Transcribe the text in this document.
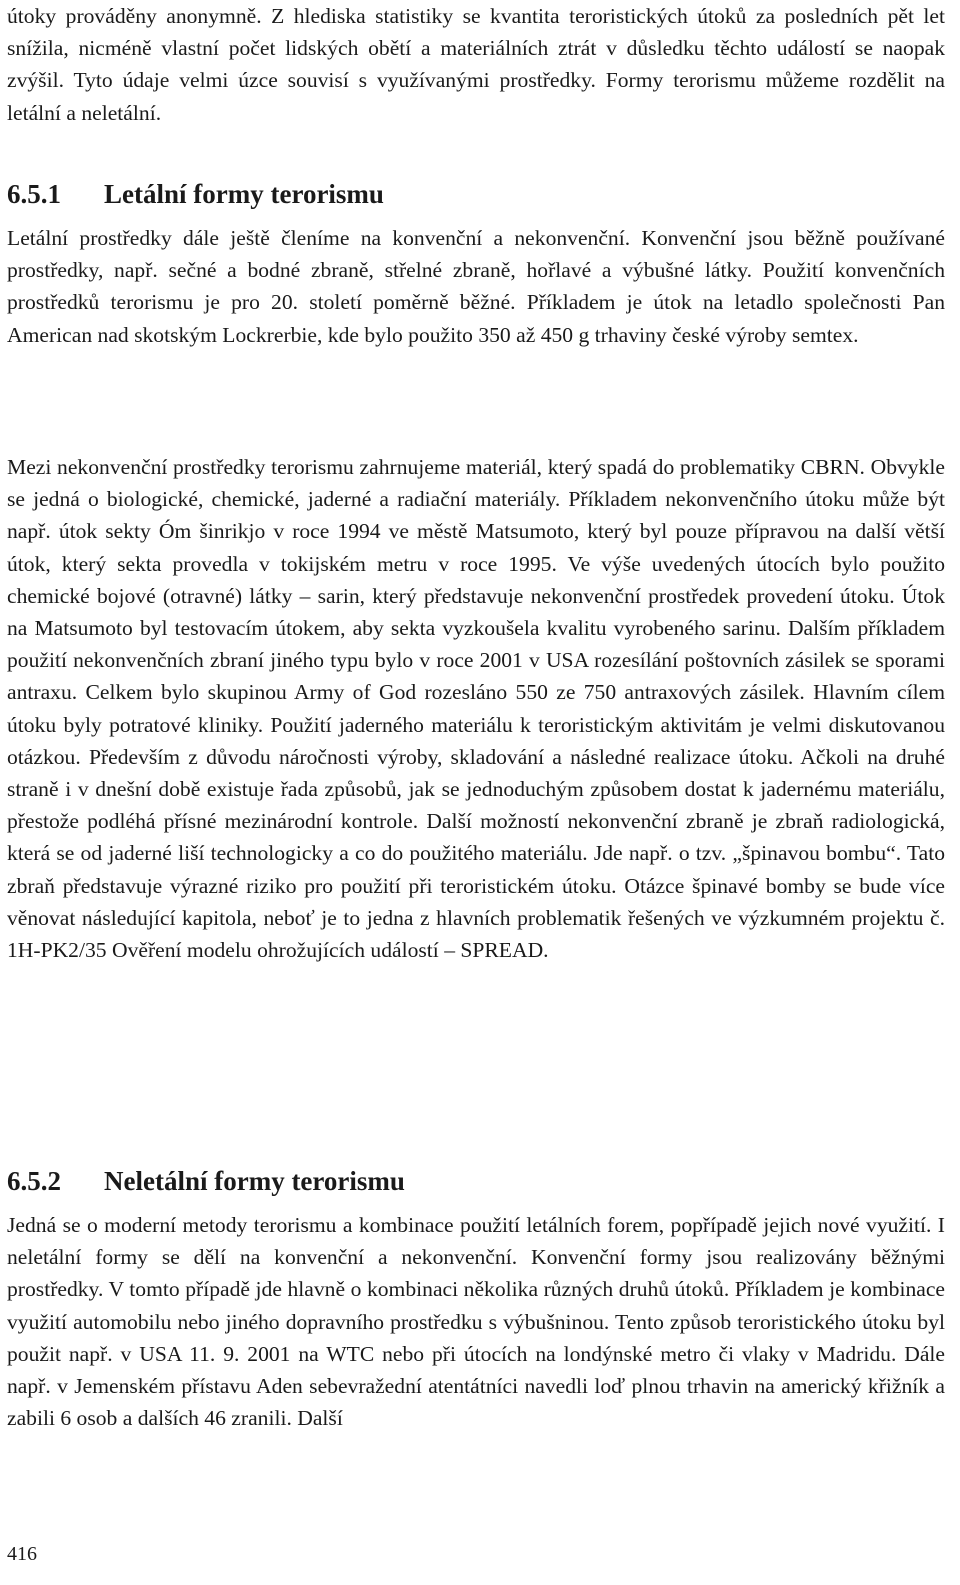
útoky prováděny anonymně. Z hlediska statistiky se kvantita teroristických útoků za posledních pět let snížila, nicméně vlastní počet lidských obětí a materiálních ztrát v důsledku těchto událostí se naopak zvýšil. Tyto údaje velmi úzce souvisí s využívanými prostředky. Formy terorismu můžeme rozdělit na letální a neletální.

6.5.1 Letální formy terorismu

Letální prostředky dále ještě členíme na konvenční a nekonvenční. Konvenční jsou běžně používané prostředky, např. sečné a bodné zbraně, střelné zbraně, hořlavé a výbušné látky. Použití konvenčních prostředků terorismu je pro 20. století poměrně běžné. Příkladem je útok na letadlo společnosti Pan American nad skotským Lockrerbie, kde bylo použito 350 až 450 g trhaviny české výroby semtex.

Mezi nekonvenční prostředky terorismu zahrnujeme materiál, který spadá do problematiky CBRN. Obvykle se jedná o biologické, chemické, jaderné a radiační materiály. Příkladem nekonvenčního útoku může být např. útok sekty Óm šinrikjo v roce 1994 ve městě Matsumoto, který byl pouze přípravou na další větší útok, který sekta provedla v tokijském metru v roce 1995. Ve výše uvedených útocích bylo použito chemické bojové (otravné) látky – sarin, který představuje nekonvenční prostředek provedení útoku. Útok na Matsumoto byl testovacím útokem, aby sekta vyzkoušela kvalitu vyrobeného sarinu. Dalším příkladem použití nekonvenčních zbraní jiného typu bylo v roce 2001 v USA rozesílání poštovních zásilek se sporami antraxu. Celkem bylo skupinou Army of God rozesláno 550 ze 750 antraxových zásilek. Hlavním cílem útoku byly potratové kliniky. Použití jaderného materiálu k teroristickým aktivitám je velmi diskutovanou otázkou. Především z důvodu náročnosti výroby, skladování a následné realizace útoku. Ačkoli na druhé straně i v dnešní době existuje řada způsobů, jak se jednoduchým způsobem dostat k jadernému materiálu, přestože podléhá přísné mezinárodní kontrole. Další možností nekonvenční zbraně je zbraň radiologická, která se od jaderné liší technologicky a co do použitého materiálu. Jde např. o tzv. „špinavou bombu“. Tato zbraň představuje výrazné riziko pro použití při teroristickém útoku. Otázce špinavé bomby se bude více věnovat následující kapitola, neboť je to jedna z hlavních problematik řešených ve výzkumném projektu č. 1H-PK2/35 Ověření modelu ohrožujících událostí – SPREAD.

6.5.2 Neletální formy terorismu

Jedná se o moderní metody terorismu a kombinace použití letálních forem, popřípadě jejich nové využití. I neletální formy se dělí na konvenční a nekonvenční. Konvenční formy jsou realizovány běžnými prostředky. V tomto případě jde hlavně o kombinaci několika různých druhů útoků. Příkladem je kombinace využití automobilu nebo jiného dopravního prostředku s výbušninou. Tento způsob teroristického útoku byl použit např. v USA 11. 9. 2001 na WTC nebo při útocích na londýnské metro či vlaky v Madridu. Dále např. v Jemenském přístavu Aden sebevražední atentátníci navedli loď plnou trhavin na americký křižník a zabili 6 osob a dalších 46 zranili. Další

416
